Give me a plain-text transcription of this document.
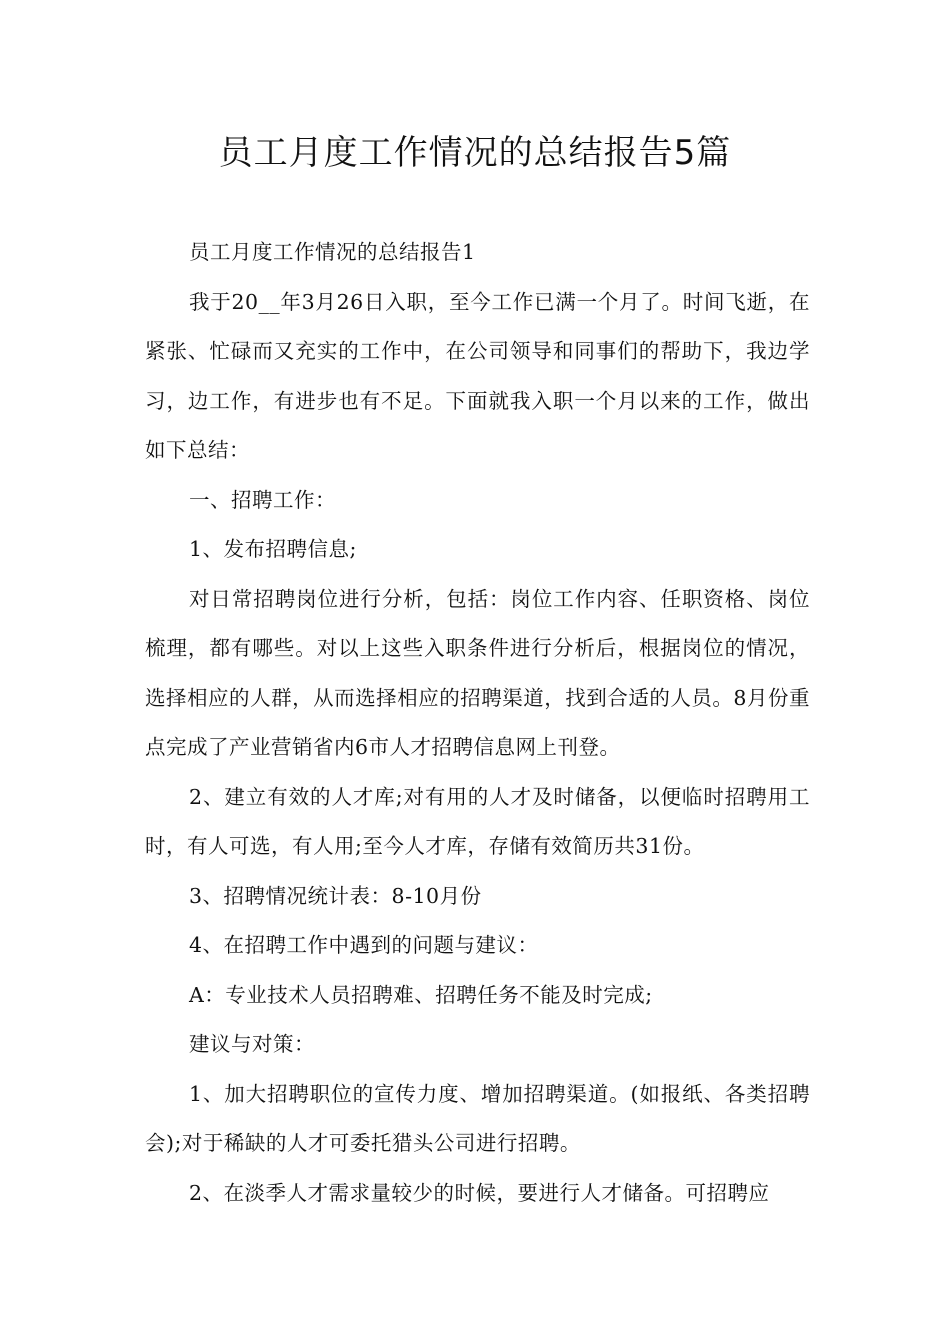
员工月度工作情况的总结报告5篇

员工月度工作情况的总结报告1

我于20__年3月26日入职，至今工作已满一个月了。时间飞逝，在紧张、忙碌而又充实的工作中，在公司领导和同事们的帮助下，我边学习，边工作，有进步也有不足。下面就我入职一个月以来的工作，做出如下总结：

一、招聘工作：

1、发布招聘信息;

对日常招聘岗位进行分析，包括：岗位工作内容、任职资格、岗位梳理，都有哪些。对以上这些入职条件进行分析后，根据岗位的情况，选择相应的人群，从而选择相应的招聘渠道，找到合适的人员。8月份重点完成了产业营销省内6市人才招聘信息网上刊登。

2、建立有效的人才库;对有用的人才及时储备，以便临时招聘用工时，有人可选，有人用;至今人才库，存储有效简历共31份。

3、招聘情况统计表：8-10月份

4、在招聘工作中遇到的问题与建议：

A：专业技术人员招聘难、招聘任务不能及时完成;

建议与对策：

1、加大招聘职位的宣传力度、增加招聘渠道。(如报纸、各类招聘会);对于稀缺的人才可委托猎头公司进行招聘。

2、在淡季人才需求量较少的时候，要进行人才储备。可招聘应
